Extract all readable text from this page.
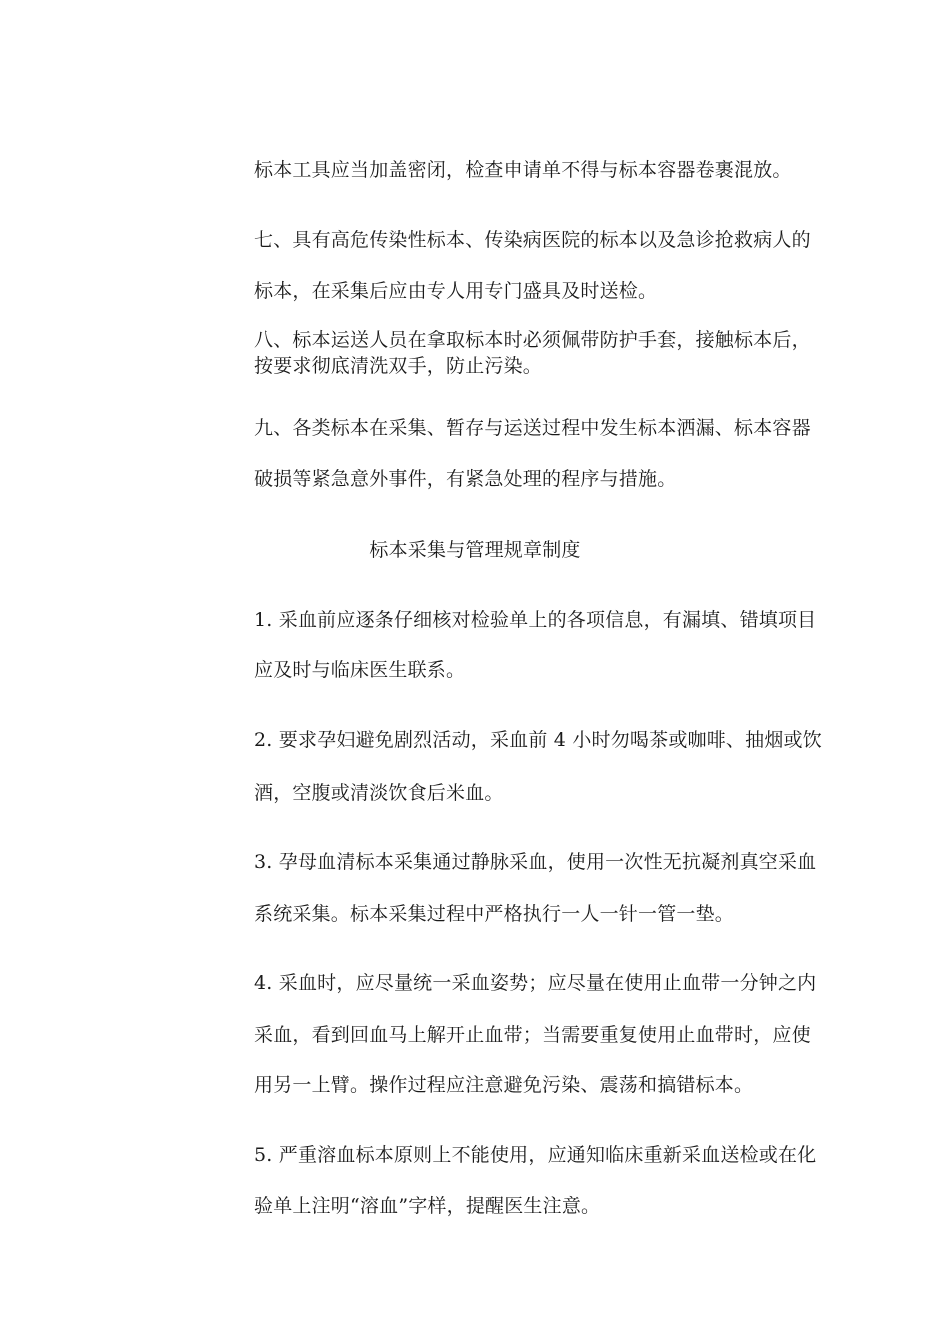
标本工具应当加盖密闭，检查申请单不得与标本容器卷裹混放。
七、具有高危传染性标本、传染病医院的标本以及急诊抢救病人的
标本，在采集后应由专人用专门盛具及时送检。
八、标本运送人员在拿取标本时必须佩带防护手套，接触标本后，
按要求彻底清洗双手，防止污染。
九、各类标本在采集、暂存与运送过程中发生标本洒漏、标本容器
破损等紧急意外事件，有紧急处理的程序与措施。
标本采集与管理规章制度
1. 采血前应逐条仔细核对检验单上的各项信息，有漏填、错填项目
应及时与临床医生联系。
2. 要求孕妇避免剧烈活动，采血前 4 小时勿喝茶或咖啡、抽烟或饮
酒，空腹或清淡饮食后米血。
3. 孕母血清标本采集通过静脉采血，使用一次性无抗凝剂真空采血
系统采集。标本采集过程中严格执行一人一针一管一垫。
4. 采血时，应尽量统一采血姿势；应尽量在使用止血带一分钟之内
采血，看到回血马上解开止血带；当需要重复使用止血带时，应使
用另一上臂。操作过程应注意避免污染、震荡和搞错标本。
5. 严重溶血标本原则上不能使用，应通知临床重新采血送检或在化
验单上注明“溶血”字样，提醒医生注意。
